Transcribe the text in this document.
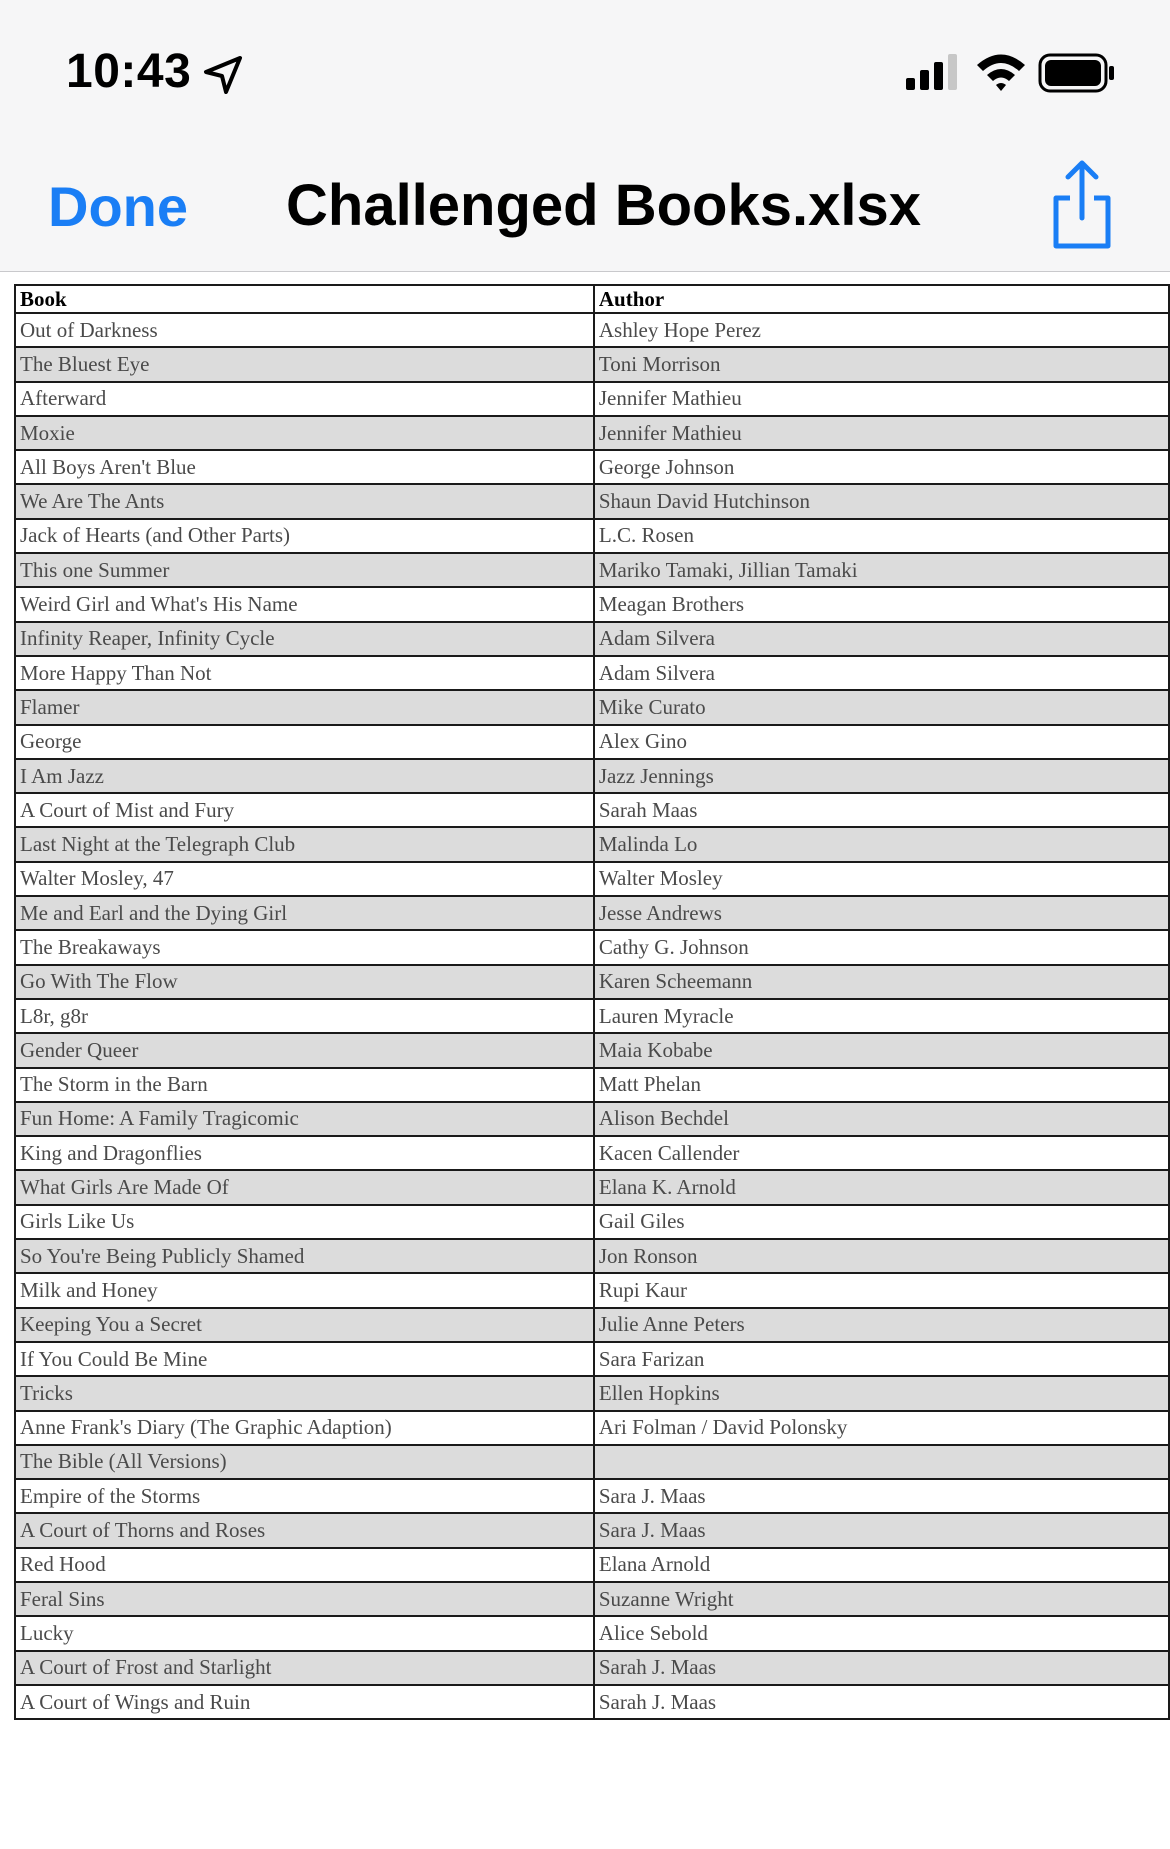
10:43
Done Challenged Books.xlsx
Book	Author
Out of Darkness	Ashley Hope Perez
The Bluest Eye	Toni Morrison
Afterward	Jennifer Mathieu
Moxie	Jennifer Mathieu
All Boys Aren't Blue	George Johnson
We Are The Ants	Shaun David Hutchinson
Jack of Hearts (and Other Parts)	L.C. Rosen
This one Summer	Mariko Tamaki, Jillian Tamaki
Weird Girl and What's His Name	Meagan Brothers
Infinity Reaper, Infinity Cycle	Adam Silvera
More Happy Than Not	Adam Silvera
Flamer	Mike Curato
George	Alex Gino
I Am Jazz	Jazz Jennings
A Court of Mist and Fury	Sarah Maas
Last Night at the Telegraph Club	Malinda Lo
Walter Mosley, 47	Walter Mosley
Me and Earl and the Dying Girl	Jesse Andrews
The Breakaways	Cathy G. Johnson
Go With The Flow	Karen Scheemann
L8r, g8r	Lauren Myracle
Gender Queer	Maia Kobabe
The Storm in the Barn	Matt Phelan
Fun Home: A Family Tragicomic	Alison Bechdel
King and Dragonflies	Kacen Callender
What Girls Are Made Of	Elana K. Arnold
Girls Like Us	Gail Giles
So You're Being Publicly Shamed	Jon Ronson
Milk and Honey	Rupi Kaur
Keeping You a Secret	Julie Anne Peters
If You Could Be Mine	Sara Farizan
Tricks	Ellen Hopkins
Anne Frank's Diary (The Graphic Adaption)	Ari Folman / David Polonsky
The Bible (All Versions)	
Empire of the Storms	Sara J. Maas
A Court of Thorns and Roses	Sara J. Maas
Red Hood	Elana Arnold
Feral Sins	Suzanne Wright
Lucky	Alice Sebold
A Court of Frost and Starlight	Sarah J. Maas
A Court of Wings and Ruin	Sarah J. Maas
